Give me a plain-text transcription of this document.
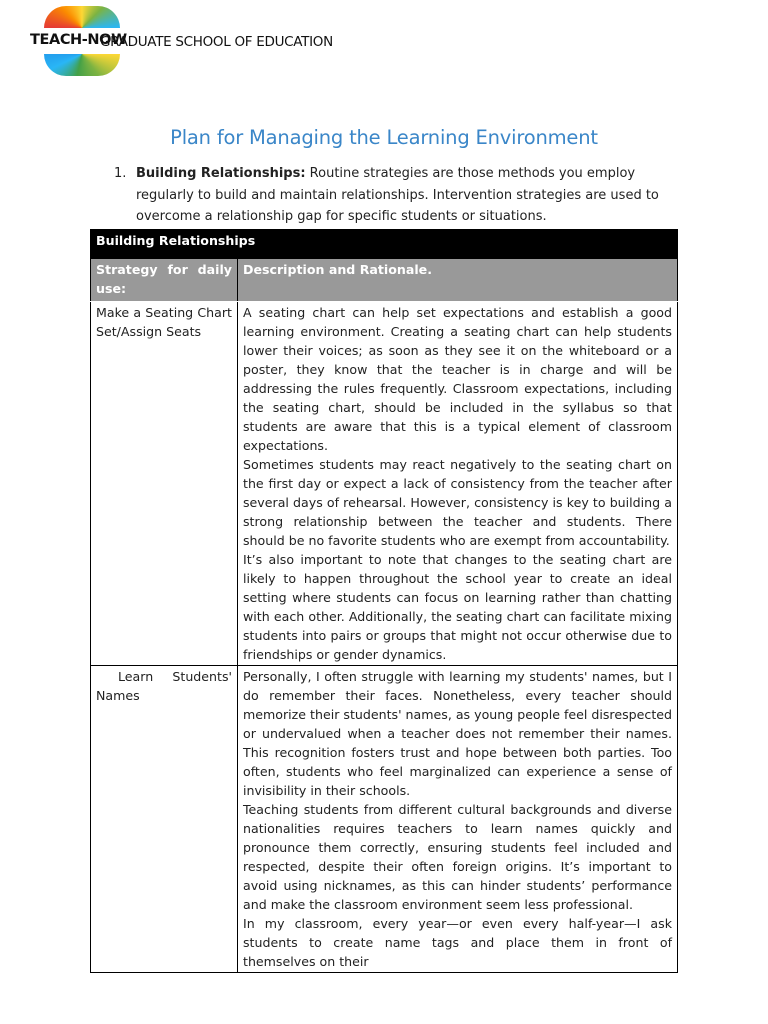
TEACH-NOW
GRADUATE SCHOOL OF EDUCATION
Plan for Managing the Learning Environment
1. Building Relationships: Routine strategies are those methods you employ regularly to build and maintain relationships. Intervention strategies are used to overcome a relationship gap for specific students or situations.
Building Relationships	
Strategy for daily use:	Description and Rationale.
Make a Seating Chart Set/Assign Seats	A seating chart can help set expectations and establish a good learning environment. Creating a seating chart can help students lower their voices; as soon as they see it on the whiteboard or a poster, they know that the teacher is in charge and will be addressing the rules frequently. Classroom expectations, including the seating chart, should be included in the syllabus so that students are aware that this is a typical element of classroom expectations.

Sometimes students may react negatively to the seating chart on the first day or expect a lack of consistency from the teacher after several days of rehearsal. However, consistency is key to building a strong relationship between the teacher and students. There should be no favorite students who are exempt from accountability.

It’s also important to note that changes to the seating chart are likely to happen throughout the school year to create an ideal setting where students can focus on learning rather than chatting with each other. Additionally, the seating chart can facilitate mixing students into pairs or groups that might not occur otherwise due to friendships or gender dynamics.

Learn Students' Names	Personally, I often struggle with learning my students' names, but I do remember their faces. Nonetheless, every teacher should memorize their students' names, as young people feel disrespected or undervalued when a teacher does not remember their names. This recognition fosters trust and hope between both parties. Too often, students who feel marginalized can experience a sense of invisibility in their schools.

Teaching students from different cultural backgrounds and diverse nationalities requires teachers to learn names quickly and pronounce them correctly, ensuring students feel included and respected, despite their often foreign origins. It’s important to avoid using nicknames, as this can hinder students’ performance and make the classroom environment seem less professional.

In my classroom, every year—or even every half-year—I ask students to create name tags and place them in front of themselves on their
